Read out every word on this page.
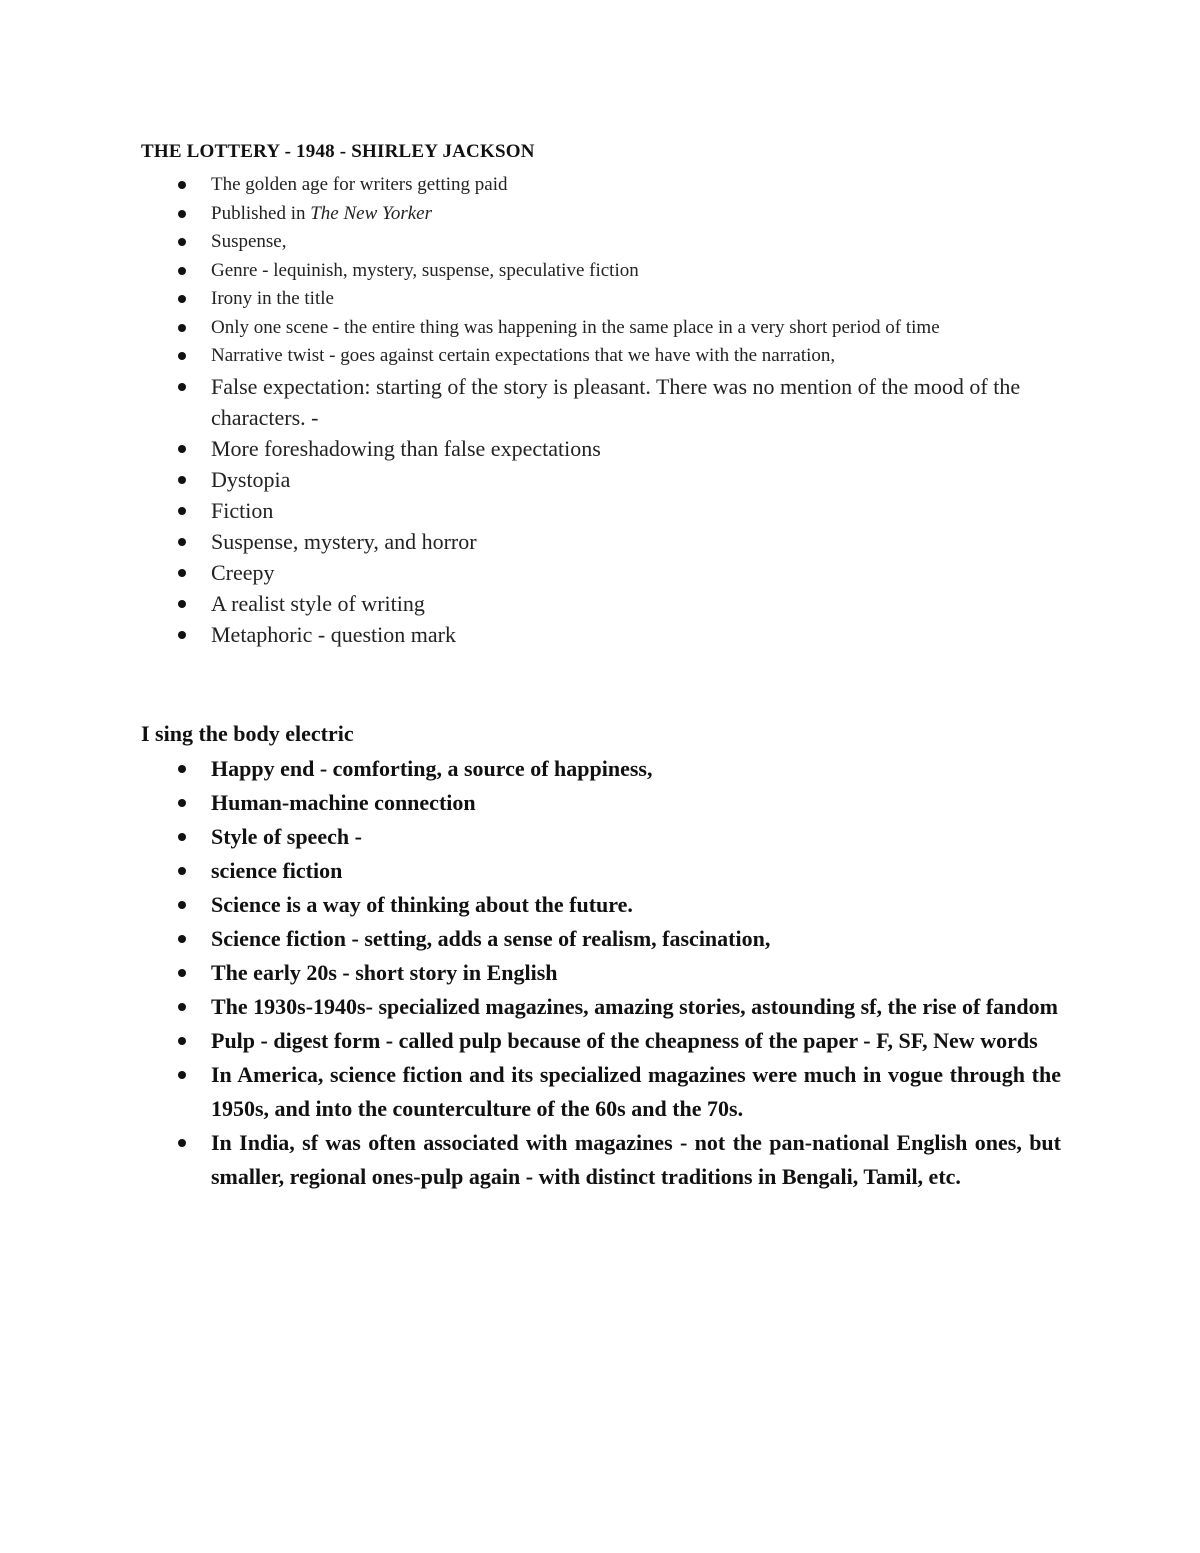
THE LOTTERY - 1948 - SHIRLEY JACKSON
The golden age for writers getting paid
Published in The New Yorker
Suspense,
Genre - lequinish, mystery, suspense, speculative fiction
Irony in the title
Only one scene - the entire thing was happening in the same place in a very short period of time
Narrative twist - goes against certain expectations that we have with the narration,
False expectation: starting of the story is pleasant. There was no mention of the mood of the characters. -
More foreshadowing than false expectations
Dystopia
Fiction
Suspense, mystery, and horror
Creepy
A realist style of writing
Metaphoric - question mark
I sing the body electric
Happy end - comforting, a source of happiness,
Human-machine connection
Style of speech -
science fiction
Science is a way of thinking about the future.
Science fiction - setting, adds a sense of realism, fascination,
The early 20s - short story in English
The 1930s-1940s- specialized magazines, amazing stories, astounding sf, the rise of fandom
Pulp - digest form - called pulp because of the cheapness of the paper - F, SF, New words
In America, science fiction and its specialized magazines were much in vogue through the 1950s, and into the counterculture of the 60s and the 70s.
In India, sf was often associated with magazines - not the pan-national English ones, but smaller, regional ones-pulp again - with distinct traditions in Bengali, Tamil, etc.
